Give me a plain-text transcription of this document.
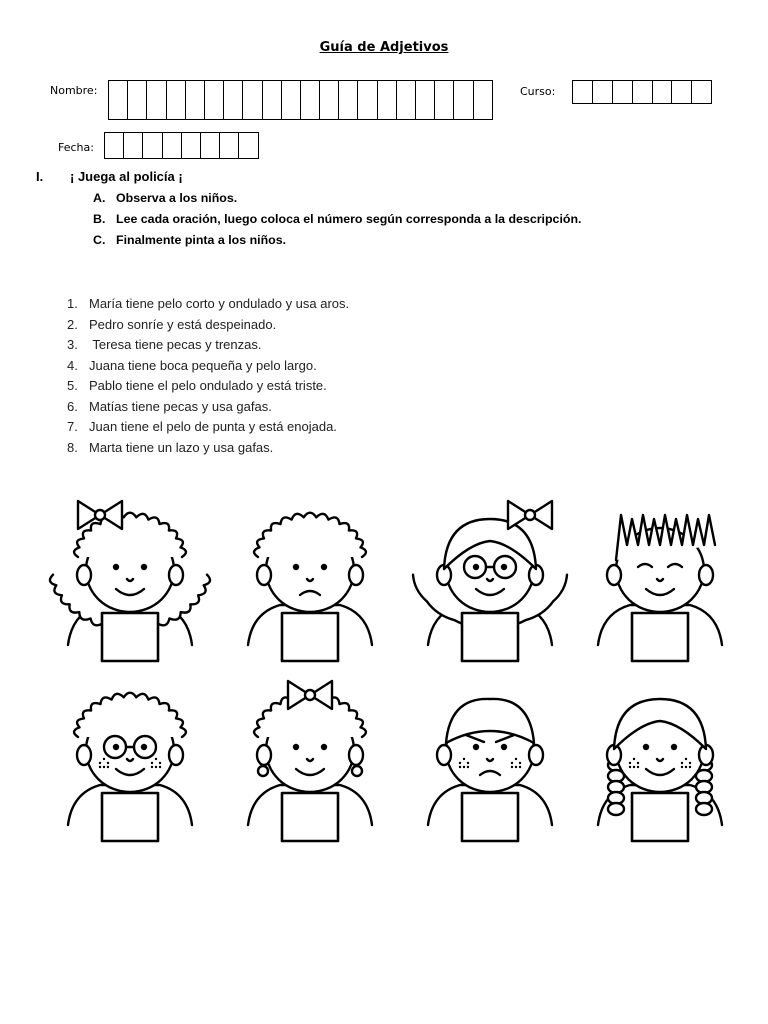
Guía de Adjetivos
Nombre:	Curso:
Fecha:
I. ¡ Juega al policía ¡
A. Observa a los niños.
B. Lee cada oración, luego coloca el número según corresponda a la descripción.
C. Finalmente pinta a los niños.
1. María tiene pelo corto y ondulado y usa aros.
2. Pedro sonríe y está despeinado.
3. Teresa tiene pecas y trenzas.
4. Juana tiene boca pequeña y pelo largo.
5. Pablo tiene el pelo ondulado y está triste.
6. Matías tiene pecas y usa gafas.
7. Juan tiene el pelo de punta y está enojada.
8. Marta tiene un lazo y usa gafas.
